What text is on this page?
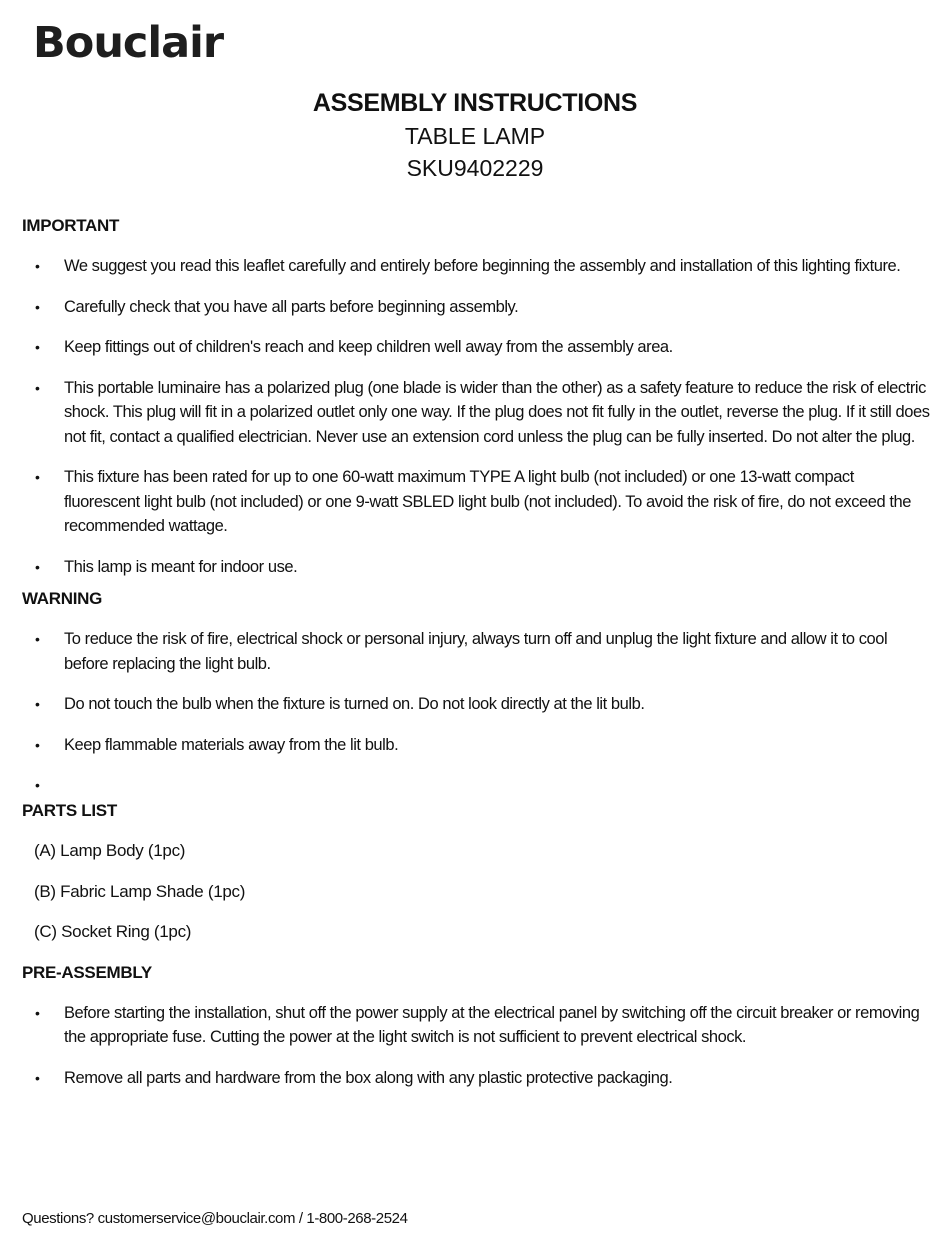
Bouclair
ASSEMBLY INSTRUCTIONS
TABLE LAMP
SKU9402229
IMPORTANT
• We suggest you read this leaflet carefully and entirely before beginning the assembly and installation of this lighting fixture.
• Carefully check that you have all parts before beginning assembly.
• Keep fittings out of children's reach and keep children well away from the assembly area.
• This portable luminaire has a polarized plug (one blade is wider than the other) as a safety feature to reduce the risk of electric shock. This plug will fit in a polarized outlet only one way. If the plug does not fit fully in the outlet, reverse the plug. If it still does not fit, contact a qualified electrician. Never use an extension cord unless the plug can be fully inserted. Do not alter the plug.
• This fixture has been rated for up to one 60-watt maximum TYPE A light bulb (not included) or one 13-watt compact fluorescent light bulb (not included) or one 9-watt SBLED light bulb (not included). To avoid the risk of fire, do not exceed the recommended wattage.
• This lamp is meant for indoor use.
WARNING
• To reduce the risk of fire, electrical shock or personal injury, always turn off and unplug the light fixture and allow it to cool before replacing the light bulb.
• Do not touch the bulb when the fixture is turned on. Do not look directly at the lit bulb.
• Keep flammable materials away from the lit bulb.
•
PARTS LIST
(A) Lamp Body (1pc)
(B) Fabric Lamp Shade (1pc)
(C) Socket Ring (1pc)
PRE-ASSEMBLY
• Before starting the installation, shut off the power supply at the electrical panel by switching off the circuit breaker or removing the appropriate fuse. Cutting the power at the light switch is not sufficient to prevent electrical shock.
• Remove all parts and hardware from the box along with any plastic protective packaging.
Questions? customerservice@bouclair.com / 1-800-268-2524
